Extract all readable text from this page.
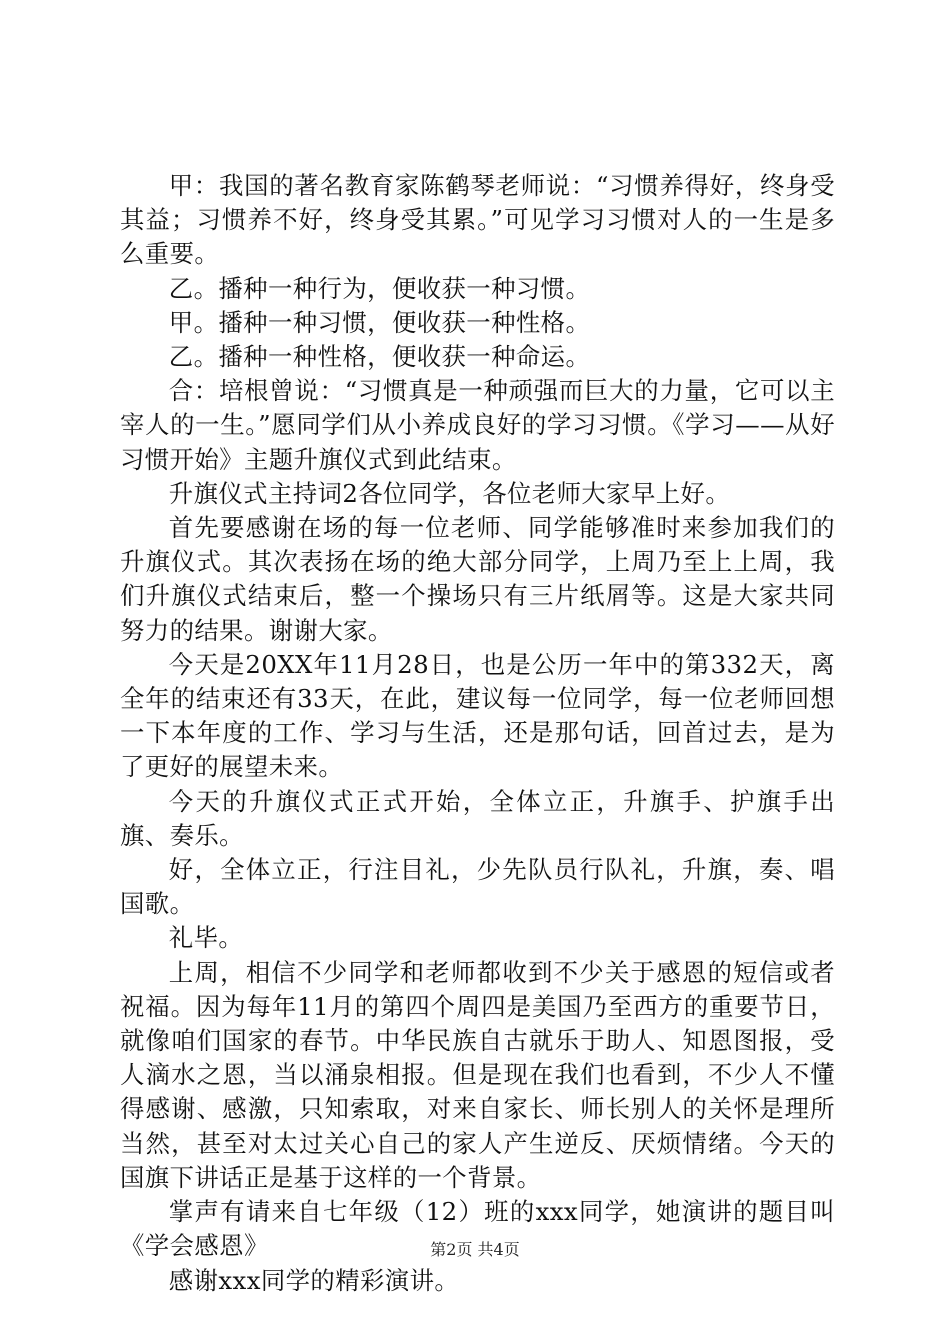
甲：我国的著名教育家陈鹤琴老师说：“习惯养得好，终身受其益；习惯养不好，终身受其累。”可见学习习惯对人的一生是多么重要。

乙。播种一种行为，便收获一种习惯。

甲。播种一种习惯，便收获一种性格。

乙。播种一种性格，便收获一种命运。

合：培根曾说：“习惯真是一种顽强而巨大的力量，它可以主宰人的一生。”愿同学们从小养成良好的学习习惯。《学习——从好习惯开始》主题升旗仪式到此结束。

升旗仪式主持词2各位同学，各位老师大家早上好。

首先要感谢在场的每一位老师、同学能够准时来参加我们的升旗仪式。其次表扬在场的绝大部分同学，上周乃至上上周，我们升旗仪式结束后，整一个操场只有三片纸屑等。这是大家共同努力的结果。谢谢大家。

今天是20XX年11月28日，也是公历一年中的第332天，离全年的结束还有33天，在此，建议每一位同学，每一位老师回想一下本年度的工作、学习与生活，还是那句话，回首过去，是为了更好的展望未来。

今天的升旗仪式正式开始，全体立正，升旗手、护旗手出旗、奏乐。

好，全体立正，行注目礼，少先队员行队礼，升旗，奏、唱国歌。

礼毕。

上周，相信不少同学和老师都收到不少关于感恩的短信或者祝福。因为每年11月的第四个周四是美国乃至西方的重要节日，就像咱们国家的春节。中华民族自古就乐于助人、知恩图报，受人滴水之恩，当以涌泉相报。但是现在我们也看到，不少人不懂得感谢、感激，只知索取，对来自家长、师长别人的关怀是理所当然，甚至对太过关心自己的家人产生逆反、厌烦情绪。今天的国旗下讲话正是基于这样的一个背景。

掌声有请来自七年级（12）班的xxx同学，她演讲的题目叫《学会感恩》

感谢xxx同学的精彩演讲。

第2页 共4页
